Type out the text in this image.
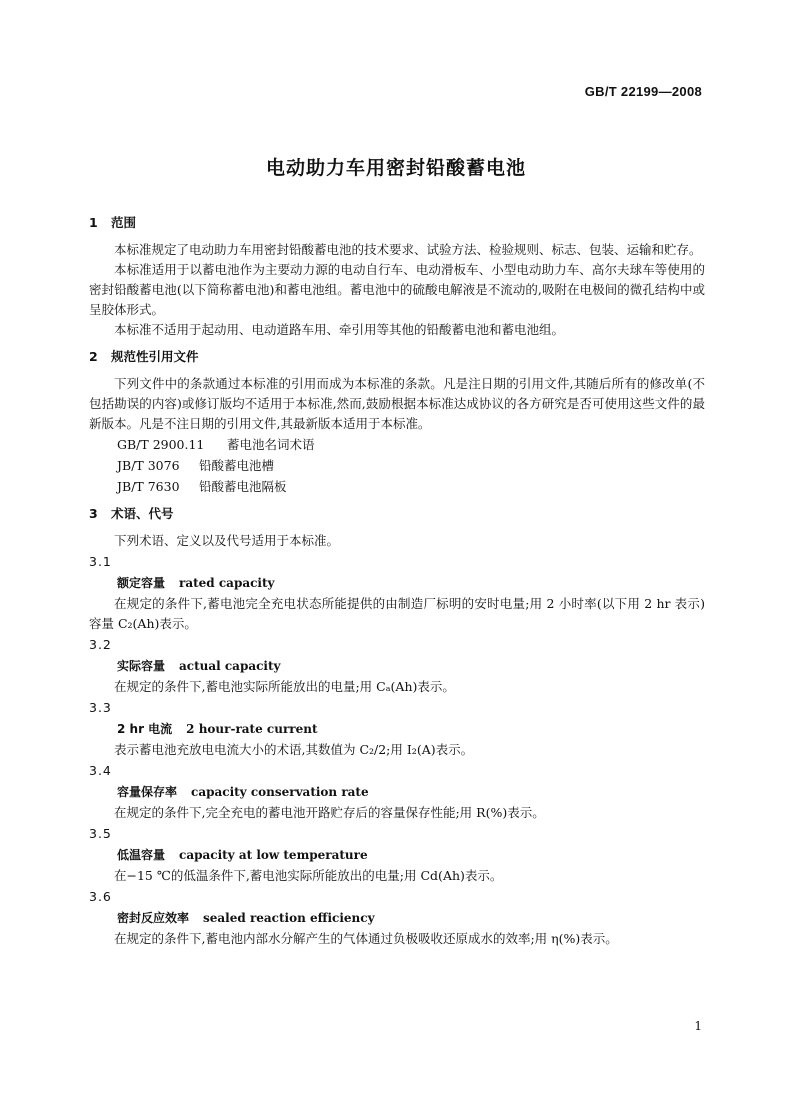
GB/T 22199—2008
电动助力车用密封铅酸蓄电池
1 范围

本标准规定了电动助力车用密封铅酸蓄电池的技术要求、试验方法、检验规则、标志、包装、运输和贮存。

本标准适用于以蓄电池作为主要动力源的电动自行车、电动滑板车、小型电动助力车、高尔夫球车等使用的密封铅酸蓄电池(以下简称蓄电池)和蓄电池组。蓄电池中的硫酸电解液是不流动的,吸附在电极间的微孔结构中或呈胶体形式。

本标准不适用于起动用、电动道路车用、牵引用等其他的铅酸蓄电池和蓄电池组。

2 规范性引用文件

下列文件中的条款通过本标准的引用而成为本标准的条款。凡是注日期的引用文件,其随后所有的修改单(不包括勘误的内容)或修订版均不适用于本标准,然而,鼓励根据本标准达成协议的各方研究是否可使用这些文件的最新版本。凡是不注日期的引用文件,其最新版本适用于本标准。

GB/T 2900.11 蓄电池名词术语
JB/T 3076 铅酸蓄电池槽
JB/T 7630 铅酸蓄电池隔板
3 术语、代号

下列术语、定义以及代号适用于本标准。

3.1
额定容量 rated capacity

在规定的条件下,蓄电池完全充电状态所能提供的由制造厂标明的安时电量;用 2 小时率(以下用 2 hr 表示)容量 C₂(Ah)表示。

3.2
实际容量 actual capacity

在规定的条件下,蓄电池实际所能放出的电量;用 Cₐ(Ah)表示。

3.3
2 hr 电流 2 hour-rate current

表示蓄电池充放电电流大小的术语,其数值为 C₂/2;用 I₂(A)表示。

3.4
容量保存率 capacity conservation rate

在规定的条件下,完全充电的蓄电池开路贮存后的容量保存性能;用 R(%)表示。

3.5
低温容量 capacity at low temperature

在−15 ℃的低温条件下,蓄电池实际所能放出的电量;用 Cd(Ah)表示。

3.6
密封反应效率 sealed reaction efficiency

在规定的条件下,蓄电池内部水分解产生的气体通过负极吸收还原成水的效率;用 η(%)表示。

1
